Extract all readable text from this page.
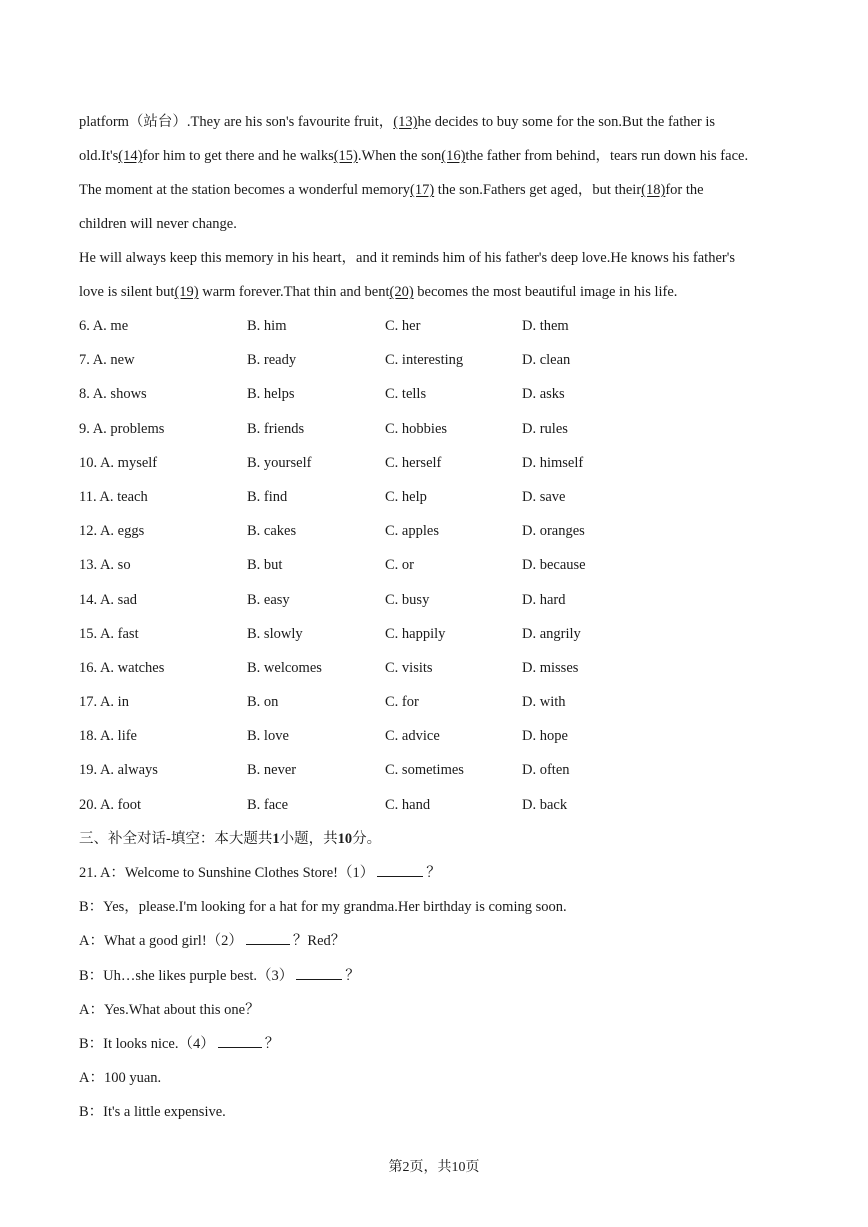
platform（站台）.They are his son's favourite fruit，(13)he decides to buy some for the son.But the father is
old.It's(14)for him to get there and he walks(15).When the son(16)the father from behind，tears run down his face.
The moment at the station becomes a wonderful memory(17) the son.Fathers get aged，but their(18)for the
children will never change.
He will always keep this memory in his heart，and it reminds him of his father's deep love.He knows his father's
love is silent but(19) warm forever.That thin and bent(20) becomes the most beautiful image in his life.
6. A. me	B. him	C. her	D. them
7. A. new	B. ready	C. interesting	D. clean
8. A. shows	B. helps	C. tells	D. asks
9. A. problems	B. friends	C. hobbies	D. rules
10. A. myself	B. yourself	C. herself	D. himself
11. A. teach	B. find	C. help	D. save
12. A. eggs	B. cakes	C. apples	D. oranges
13. A. so	B. but	C. or	D. because
14. A. sad	B. easy	C. busy	D. hard
15. A. fast	B. slowly	C. happily	D. angrily
16. A. watches	B. welcomes	C. visits	D. misses
17. A. in	B. on	C. for	D. with
18. A. life	B. love	C. advice	D. hope
19. A. always	B. never	C. sometimes	D. often
20. A. foot	B. face	C. hand	D. back
三、补全对话-填空：本大题共1小题，共10分。
21. A：Welcome to Sunshine Clothes Store!（1）	？
B：Yes，please.I'm looking for a hat for my grandma.Her birthday is coming soon.
A：What a good girl!（2）	？Red？
B：Uh…she likes purple best.（3）	？
A：Yes.What about this one？
B：It looks nice.（4）	？
A：100 yuan.
B：It's a little expensive.
第2页，共10页
